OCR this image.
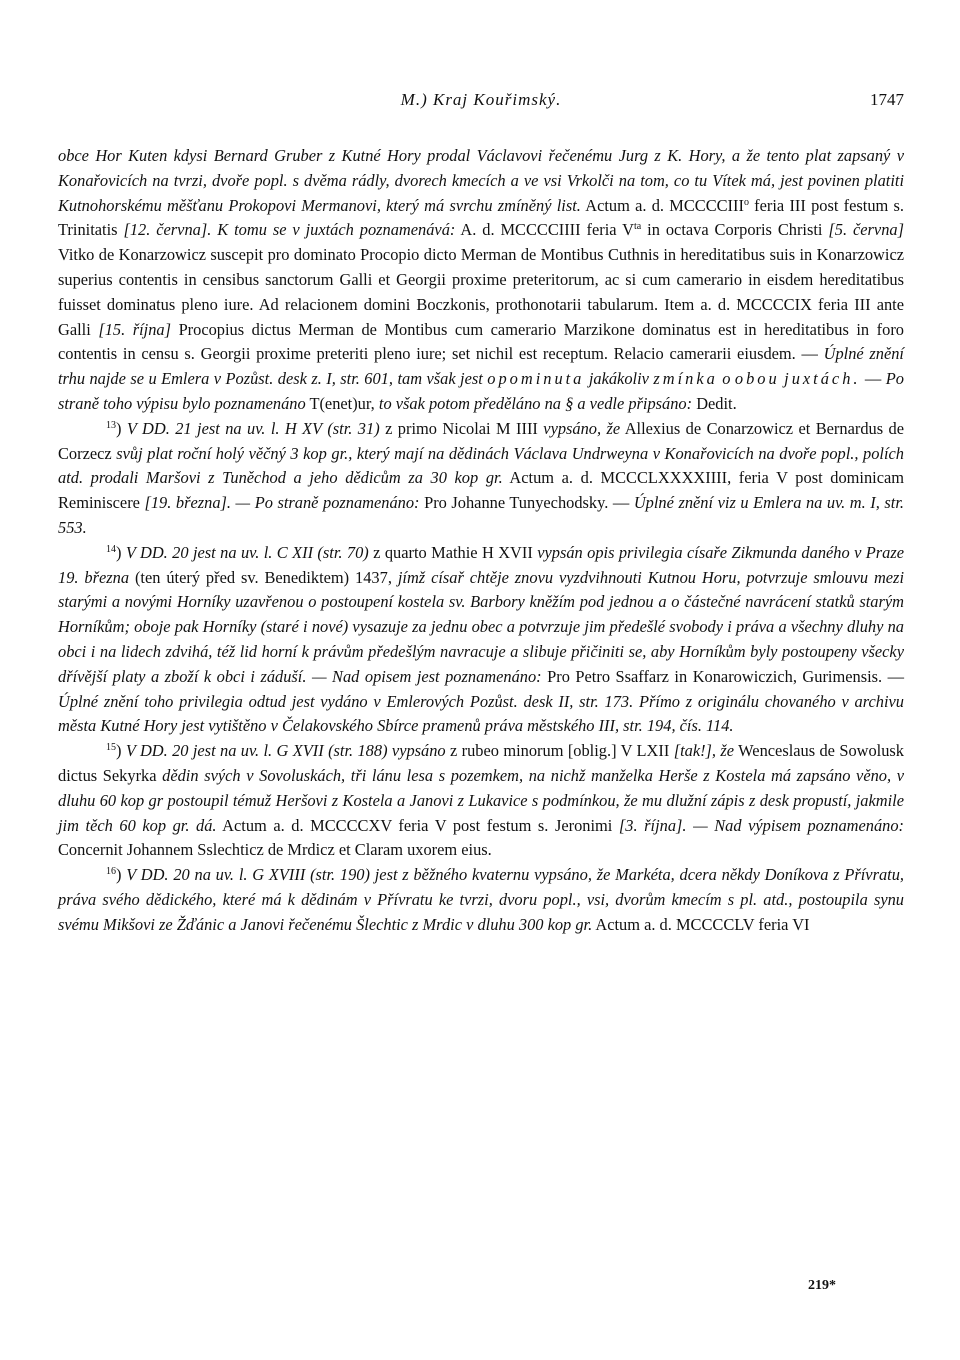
M.) Kraj Kouřimský.	1747

obce Hor Kuten kdysi Bernard Gruber z Kutné Hory prodal Václavovi řečenému Jurg z K. Hory, a že tento plat zapsaný v Konařovicích na tvrzi, dvoře popl. s dvěma rádly, dvorech kmecích a ve vsi Vrkolči na tom, co tu Vítek má, jest povinen platiti Kutnohorskému měšťanu Prokopovi Mermanovi, který má svrchu zmíněný list. Actum a. d. MCCCCIII$^o$ feria III post festum s. Trinitatis [12. června]. K tomu se v juxtách poznamenává: A. d. MCCCCIIII feria $V^{ta}$ in octava Corporis Christi [5. června] Vitko de Konarzowicz suscepit pro dominato Procopio dicto Merman de Montibus Cuthnis in hereditatibus suis in Konarzowicz superius contentis in censibus sanctorum Galli et Georgii proxime preteritorum, ac si cum camerario in eisdem hereditatibus fuisset dominatus pleno iure. Ad relacionem domini Boczkonis, prothonotarii tabularum. Item a. d. MCCCCIX feria III ante Galli [15. října] Procopius dictus Merman de Montibus cum camerario Marzikone dominatus est in hereditatibus in foro contentis in censu s. Georgii proxime preteriti pleno iure; set nichil est receptum. Relacio camerarii eiusdem. — Úplné znění trhu najde se u Emlera v Pozůst. desk z. I, str. 601, tam však jest opominuta jakákoliv zmínka o obou juxtách. — Po straně toho výpisu bylo poznamenáno T(enet)ur, to však potom předěláno na § a vedle připsáno: Dedit.

$^{13}$) V DD. 21 jest na uv. l. H XV (str. 31) z primo Nicolai M IIII vypsáno, že Allexius de Conarzowicz et Bernardus de Corzecz svůj plat roční holý věčný 3 kop gr., který mají na dědinách Václava Undrweyna v Konařovicích na dvoře popl., polích atd. prodali Maršovi z Tuněchod a jeho dědicům za 30 kop gr. Actum a. d. MCCCLXXXXIIII, feria V post dominicam Reminiscere [19. března]. — Po straně poznamenáno: Pro Johanne Tunyechodsky. — Úplné znění viz u Emlera na uv. m. I, str. 553.

$^{14}$) V DD. 20 jest na uv. l. C XII (str. 70) z quarto Mathie H XVII vypsán opis privilegia císaře Zikmunda daného v Praze 19. března (ten úterý před sv. Benediktem) 1437, jímž císař chtěje znovu vyzdvihnouti Kutnou Horu, potvrzuje smlouvu mezi starými a novými Horníky uzavřenou o postoupení kostela sv. Barbory kněžím pod jednou a o částečné navrácení statků starým Horníkům; oboje pak Horníky (staré i nové) vysazuje za jednu obec a potvrzuje jim předešlé svobody i práva a všechny dluhy na obci i na lidech zdvihá, též lid horní k právům předešlým navracuje a slibuje přičiniti se, aby Horníkům byly postoupeny všecky dřívější platy a zboží k obci i záduší. — Nad opisem jest poznamenáno: Pro Petro Ssaffarz in Konarowiczich, Gurimensis. — Úplné znění toho privilegia odtud jest vydáno v Emlerových Pozůst. desk II, str. 173. Přímo z originálu chovaného v archivu města Kutné Hory jest vytištěno v Čelakovského Sbírce pramenů práva městského III, str. 194, čís. 114.

$^{15}$) V DD. 20 jest na uv. l. G XVII (str. 188) vypsáno z rubeo minorum [oblig.] V LXII [tak!], že Wenceslaus de Sowolusk dictus Sekyrka dědin svých v Sovoluskách, tři lánu lesa s pozemkem, na nichž manželka Herše z Kostela má zapsáno věno, v dluhu 60 kop gr postoupil témuž Heršovi z Kostela a Janovi z Lukavice s podmínkou, že mu dlužní zápis z desk propustí, jakmile jim těch 60 kop gr. dá. Actum a. d. MCCCCXV feria V post festum s. Jeronimi [3. října]. — Nad výpisem poznamenáno: Concernit Johannem Sslechticz de Mrdicz et Claram uxorem eius.

$^{16}$) V DD. 20 na uv. l. G XVIII (str. 190) jest z běžného kvaternu vypsáno, že Markéta, dcera někdy Doníkova z Přívratu, práva svého dědického, které má k dědinám v Přívratu ke tvrzi, dvoru popl., vsi, dvorům kmecím s pl. atd., postoupila synu svému Mikšovi ze Žďánic a Janovi řečenému Šlechtic z Mrdic v dluhu 300 kop gr. Actum a. d. MCCCCLV feria VI

219*
